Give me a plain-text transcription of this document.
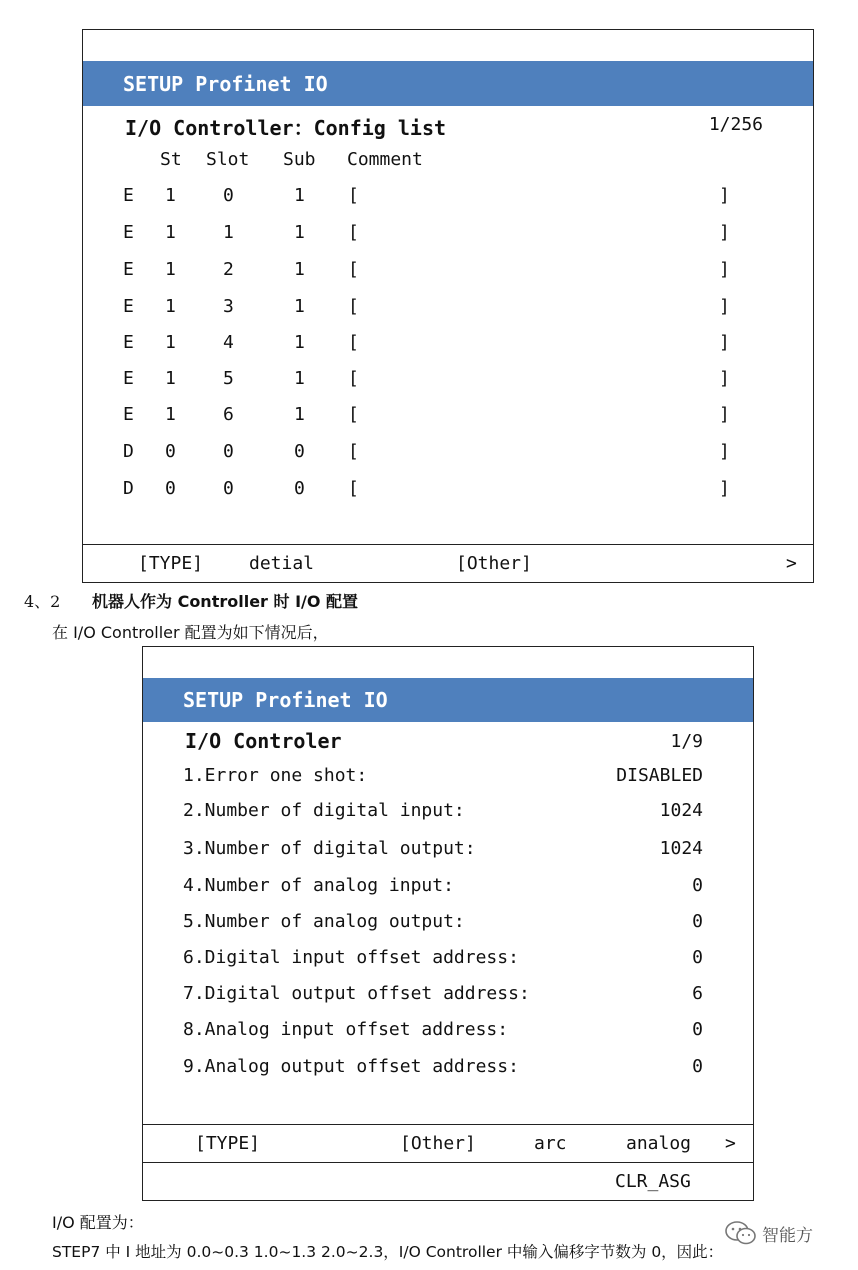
SETUP Profinet IO
I/O Controller：Config list	1/256
St Slot Sub Comment
E 1	0	1 [	]
E 1	1	1 [	]
E 1	2	1 [	]
E 1	3	1 [	]
E 1	4	1 [	]
E 1	5	1 [	]
E 1	6	1 [	]
D 0	0	0 [	]
D 0	0	0 [	]
[TYPE]	detial	[Other]	>
4、2 机器人作为 Controller 时 I/O 配置
在 I/O Controller 配置为如下情况后，
SETUP Profinet IO
I/O Controler	1/9
1.Error one shot:	DISABLED
2.Number of digital input:	1024
3.Number of digital output:	1024
4.Number of analog input:	0
5.Number of analog output:	0
6.Digital input offset address:	0
7.Digital output offset address:	6
8.Analog input offset address:	0
9.Analog output offset address:	0
[TYPE]	[Other]	arc	analog >
CLR_ASG
I/O 配置为：
STEP7 中 I 地址为 0.0~0.3 1.0~1.3 2.0~2.3，I/O Controller 中输入偏移字节数为 0，因此：
智能方
